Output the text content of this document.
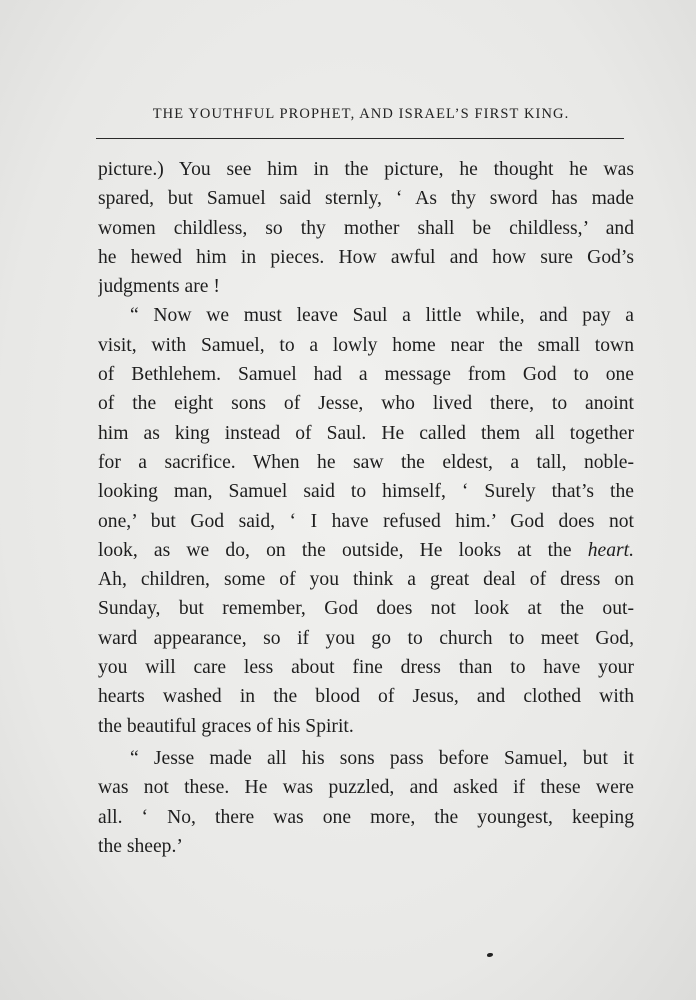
THE YOUTHFUL PROPHET, AND ISRAEL’S FIRST KING.
picture.) You see him in the picture, he thought he was
spared, but Samuel said sternly, ‘ As thy sword has made
women childless, so thy mother shall be childless,’ and
he hewed him in pieces. How awful and how sure God’s
judgments are !
“ Now we must leave Saul a little while, and pay a
visit, with Samuel, to a lowly home near the small town
of Bethlehem. Samuel had a message from God to one
of the eight sons of Jesse, who lived there, to anoint
him as king instead of Saul. He called them all together
for a sacrifice. When he saw the eldest, a tall, noble-
looking man, Samuel said to himself, ‘ Surely that’s the
one,’ but God said, ‘ I have refused him.’ God does not
look, as we do, on the outside, He looks at the heart.
Ah, children, some of you think a great deal of dress on
Sunday, but remember, God does not look at the out-
ward appearance, so if you go to church to meet God,
you will care less about fine dress than to have your
hearts washed in the blood of Jesus, and clothed with
the beautiful graces of his Spirit.
“ Jesse made all his sons pass before Samuel, but it
was not these. He was puzzled, and asked if these were
all. ‘ No, there was one more, the youngest, keeping
the sheep.’
